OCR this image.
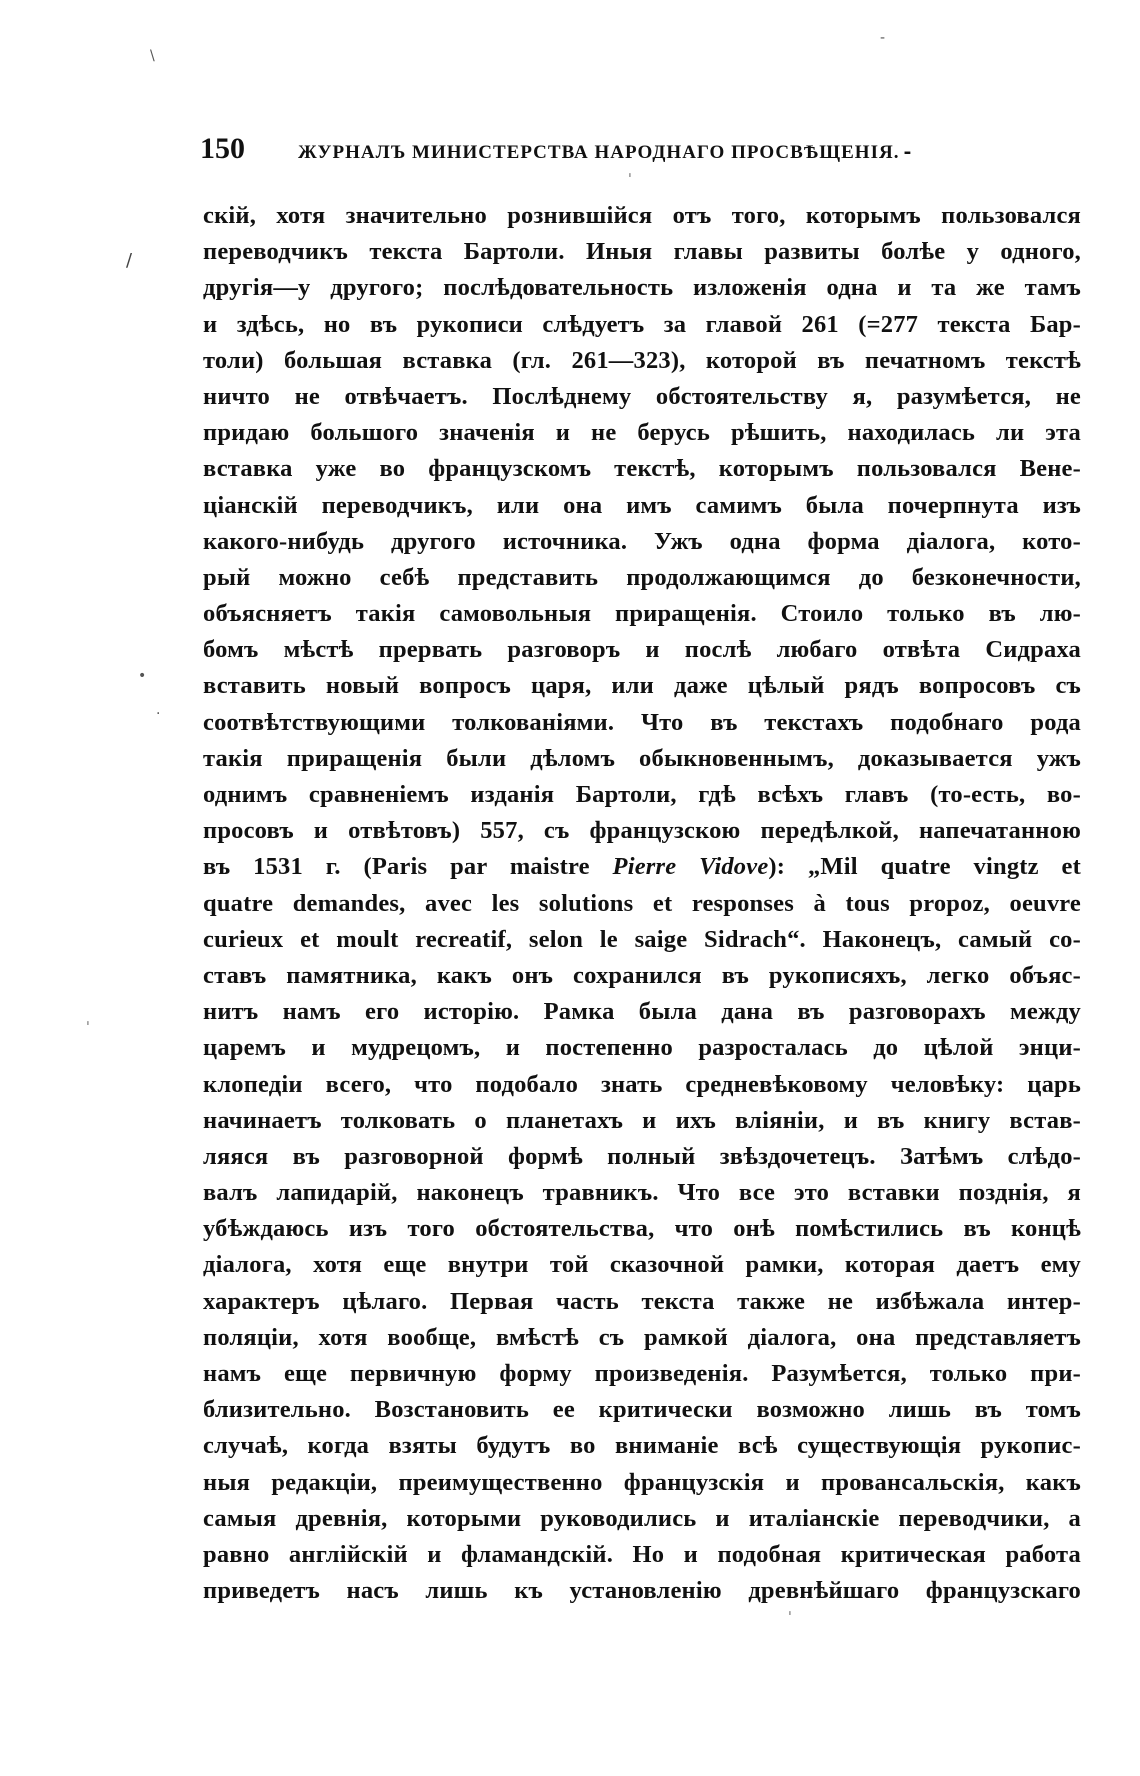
150	ЖУРНАЛЪ МИНИСТЕРСТВА НАРОДНАГО ПРОСВѢЩЕНІЯ. -
скій, хотя значительно рознившійся отъ того, которымъ пользовался
переводчикъ текста Бартоли. Иныя главы развиты болѣе у одного,
другія—у другого; послѣдовательность изложенія одна и та же тамъ
и здѣсь, но въ рукописи слѣдуетъ за главой 261 (=277 текста Бар-
толи) большая вставка (гл. 261—323), которой въ печатномъ текстѣ
ничто не отвѣчаетъ. Послѣднему обстоятельству я, разумѣется, не
придаю большого значенія и не берусь рѣшить, находилась ли эта
вставка уже во французскомъ текстѣ, которымъ пользовался Вене-
ціанскій переводчикъ, или она имъ самимъ была почерпнута изъ
какого-нибудь другого источника. Ужъ одна форма діалога, кото-
рый можно себѣ представить продолжающимся до безконечности,
объясняетъ такія самовольныя приращенія. Стоило только въ лю-
бомъ мѣстѣ прервать разговоръ и послѣ любаго отвѣта Сидраха
вставить новый вопросъ царя, или даже цѣлый рядъ вопросовъ съ
соотвѣтствующими толкованіями. Что въ текстахъ подобнаго рода
такія приращенія были дѣломъ обыкновеннымъ, доказывается ужъ
однимъ сравненіемъ изданія Бартоли, гдѣ всѣхъ главъ (то-есть, во-
просовъ и отвѣтовъ) 557, съ французскою передѣлкой, напечатанною
въ 1531 г. (Paris par maistre Pierre Vidove): „Mil quatre vingtz et
quatre demandes, avec les solutions et responses à tous propoz, oeuvre
curieux et moult recreatif, selon le saige Sidrach“. Наконецъ, самый со-
ставъ памятника, какъ онъ сохранился въ рукописяхъ, легко объяс-
нитъ намъ его исторію. Рамка была дана въ разговорахъ между
царемъ и мудрецомъ, и постепенно разросталась до цѣлой энци-
клопедіи всего, что подобало знать средневѣковому человѣку: царь
начинаетъ толковать о планетахъ и ихъ вліяніи, и въ книгу встав-
ляяся въ разговорной формѣ полный звѣздочетецъ. Затѣмъ слѣдо-
валъ лапидарій, наконецъ травникъ. Что все это вставки позднія, я
убѣждаюсь изъ того обстоятельства, что онѣ помѣстились въ концѣ
діалога, хотя еще внутри той сказочной рамки, которая даетъ ему
характеръ цѣлаго. Первая часть текста также не избѣжала интер-
поляціи, хотя вообще, вмѣстѣ съ рамкой діалога, она представляетъ
намъ еще первичную форму произведенія. Разумѣется, только при-
близительно. Возстановить ее критически возможно лишь въ томъ
случаѣ, когда взяты будутъ во вниманіе всѣ существующія рукопис-
ныя редакціи, преимущественно французскія и провансальскія, какъ
самыя древнія, которыми руководились и италіанскіе переводчики, а
равно англійскій и фламандскій. Но и подобная критическая работа
приведетъ насъ лишь къ установленію древнѣйшаго французскаго
/
\
-
•
·
ˈ
ˈ
ˈ
